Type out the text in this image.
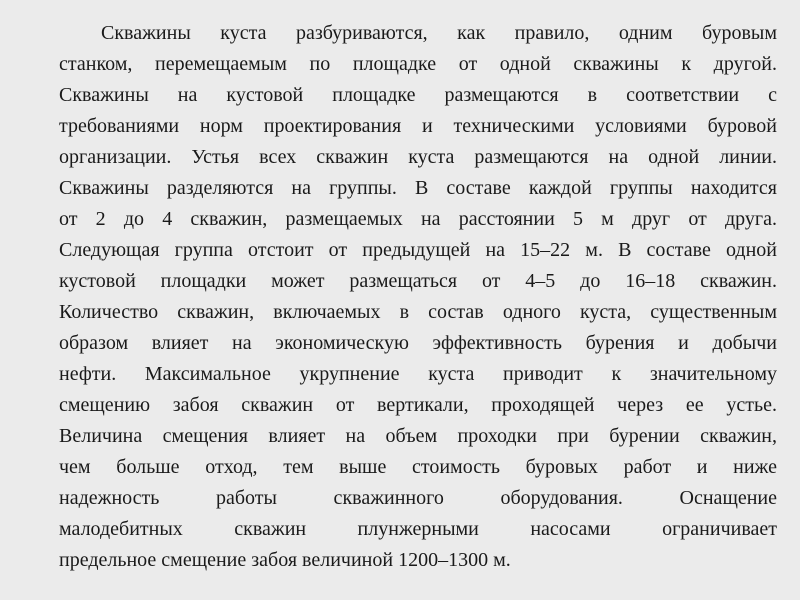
Скважины куста разбуриваются, как правило, одним буровым
станком, перемещаемым по площадке от одной скважины к другой.
Скважины на кустовой площадке размещаются в соответствии с
требованиями норм проектирования и техническими условиями буровой
организации. Устья всех скважин куста размещаются на одной линии.
Скважины разделяются на группы. В составе каждой группы находится
от 2 до 4 скважин, размещаемых на расстоянии 5 м друг от друга.
Следующая группа отстоит от предыдущей на 15–22 м. В составе одной
кустовой площадки может размещаться от 4–5 до 16–18 скважин.
Количество скважин, включаемых в состав одного куста, существенным
образом влияет на экономическую эффективность бурения и добычи
нефти. Максимальное укрупнение куста приводит к значительному
смещению забоя скважин от вертикали, проходящей через ее устье.
Величина смещения влияет на объем проходки при бурении скважин,
чем больше отход, тем выше стоимость буровых работ и ниже
надежность работы скважинного оборудования. Оснащение
малодебитных скважин плунжерными насосами ограничивает
предельное смещение забоя величиной 1200–1300 м.
